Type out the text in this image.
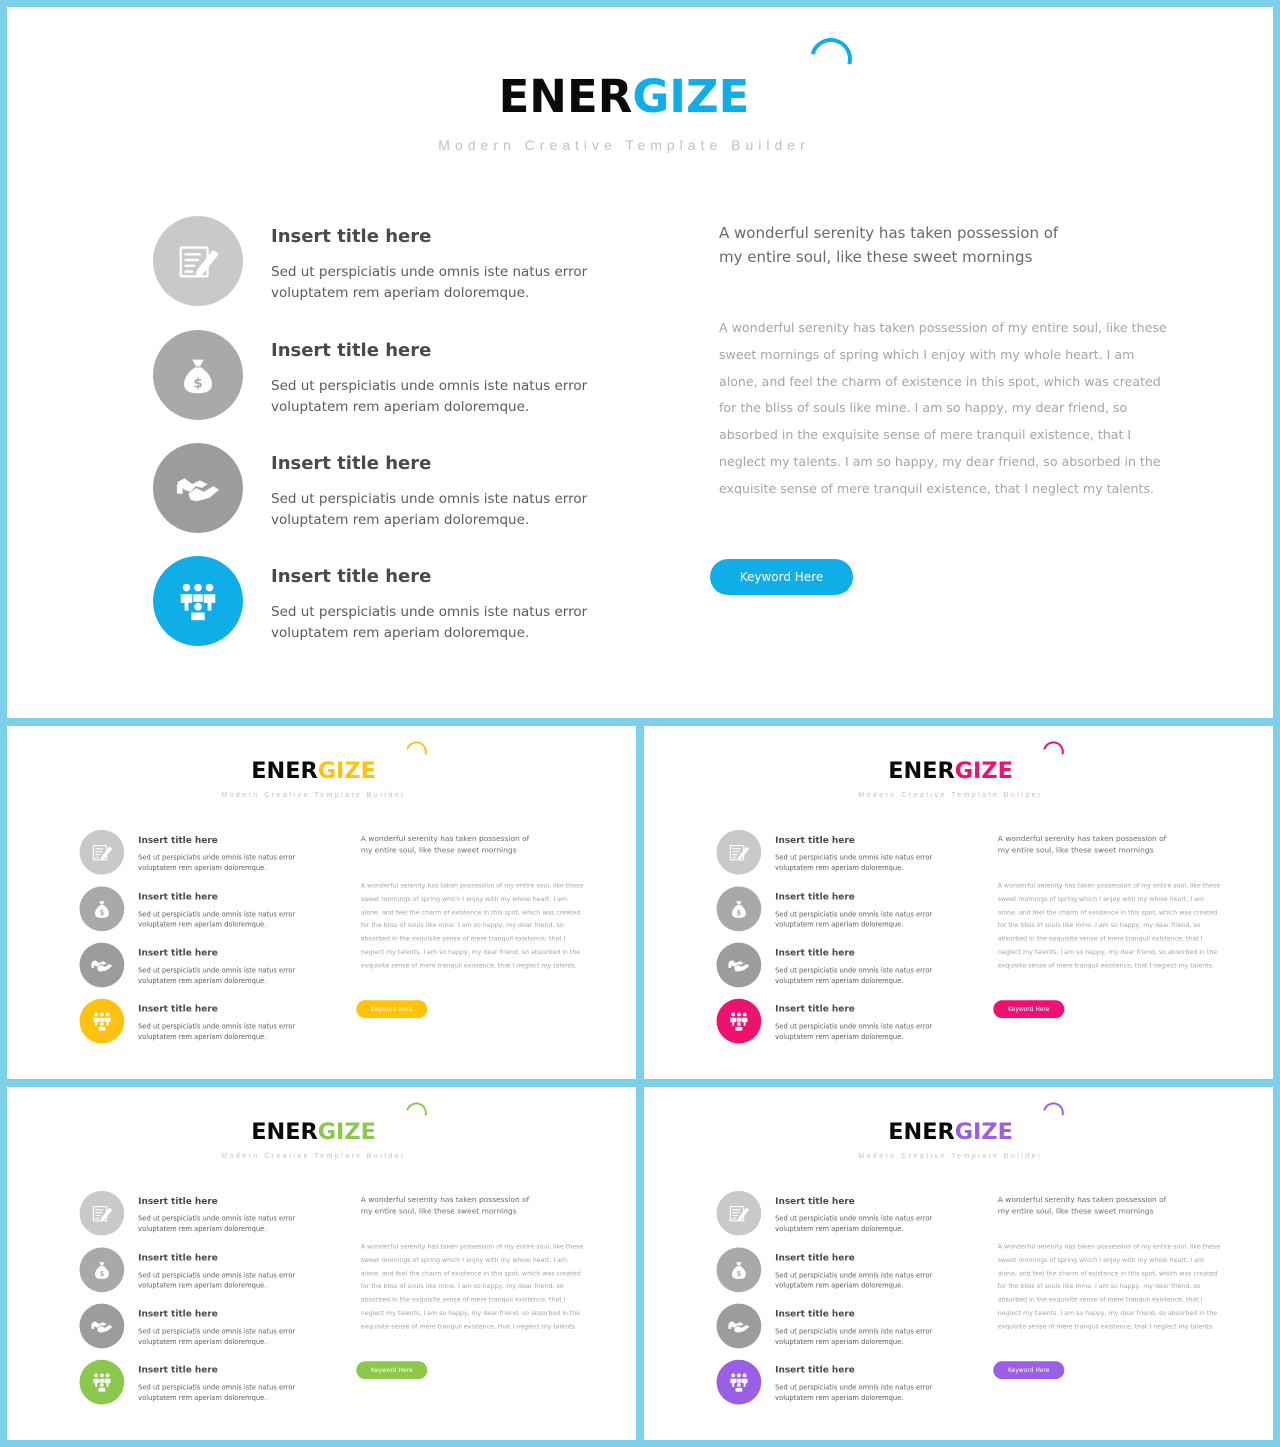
ENERGIZE
Modern Creative Template Builder
Insert title here
Sed ut perspiciatis unde omnis iste natus error voluptatem rem aperiam doloremque.
$
Insert title here
Sed ut perspiciatis unde omnis iste natus error voluptatem rem aperiam doloremque.
Insert title here
Sed ut perspiciatis unde omnis iste natus error voluptatem rem aperiam doloremque.
Insert title here
Sed ut perspiciatis unde omnis iste natus error voluptatem rem aperiam doloremque.
A wonderful serenity has taken possession of my entire soul, like these sweet mornings
A wonderful serenity has taken possession of my entire soul, like these sweet mornings of spring which I enjoy with my whole heart. I am alone, and feel the charm of existence in this spot, which was created for the bliss of souls like mine. I am so happy, my dear friend, so absorbed in the exquisite sense of mere tranquil existence, that I neglect my talents. I am so happy, my dear friend, so absorbed in the exquisite sense of mere tranquil existence, that I neglect my talents.
Keyword Here
ENERGIZE
Modern Creative Template Builder
Insert title here
Sed ut perspiciatis unde omnis iste natus error voluptatem rem aperiam doloremque.
$
Insert title here
Sed ut perspiciatis unde omnis iste natus error voluptatem rem aperiam doloremque.
Insert title here
Sed ut perspiciatis unde omnis iste natus error voluptatem rem aperiam doloremque.
Insert title here
Sed ut perspiciatis unde omnis iste natus error voluptatem rem aperiam doloremque.
A wonderful serenity has taken possession of my entire soul, like these sweet mornings
A wonderful serenity has taken possession of my entire soul, like these sweet mornings of spring which I enjoy with my whole heart. I am alone, and feel the charm of existence in this spot, which was created for the bliss of souls like mine. I am so happy, my dear friend, so absorbed in the exquisite sense of mere tranquil existence, that I neglect my talents. I am so happy, my dear friend, so absorbed in the exquisite sense of mere tranquil existence, that I neglect my talents.
Keyword Here
ENERGIZE
Modern Creative Template Builder
Insert title here
Sed ut perspiciatis unde omnis iste natus error voluptatem rem aperiam doloremque.
$
Insert title here
Sed ut perspiciatis unde omnis iste natus error voluptatem rem aperiam doloremque.
Insert title here
Sed ut perspiciatis unde omnis iste natus error voluptatem rem aperiam doloremque.
Insert title here
Sed ut perspiciatis unde omnis iste natus error voluptatem rem aperiam doloremque.
A wonderful serenity has taken possession of my entire soul, like these sweet mornings
A wonderful serenity has taken possession of my entire soul, like these sweet mornings of spring which I enjoy with my whole heart. I am alone, and feel the charm of existence in this spot, which was created for the bliss of souls like mine. I am so happy, my dear friend, so absorbed in the exquisite sense of mere tranquil existence, that I neglect my talents. I am so happy, my dear friend, so absorbed in the exquisite sense of mere tranquil existence, that I neglect my talents.
Keyword Here
ENERGIZE
Modern Creative Template Builder
Insert title here
Sed ut perspiciatis unde omnis iste natus error voluptatem rem aperiam doloremque.
$
Insert title here
Sed ut perspiciatis unde omnis iste natus error voluptatem rem aperiam doloremque.
Insert title here
Sed ut perspiciatis unde omnis iste natus error voluptatem rem aperiam doloremque.
Insert title here
Sed ut perspiciatis unde omnis iste natus error voluptatem rem aperiam doloremque.
A wonderful serenity has taken possession of my entire soul, like these sweet mornings
A wonderful serenity has taken possession of my entire soul, like these sweet mornings of spring which I enjoy with my whole heart. I am alone, and feel the charm of existence in this spot, which was created for the bliss of souls like mine. I am so happy, my dear friend, so absorbed in the exquisite sense of mere tranquil existence, that I neglect my talents. I am so happy, my dear friend, so absorbed in the exquisite sense of mere tranquil existence, that I neglect my talents.
Keyword Here
ENERGIZE
Modern Creative Template Builder
Insert title here
Sed ut perspiciatis unde omnis iste natus error voluptatem rem aperiam doloremque.
$
Insert title here
Sed ut perspiciatis unde omnis iste natus error voluptatem rem aperiam doloremque.
Insert title here
Sed ut perspiciatis unde omnis iste natus error voluptatem rem aperiam doloremque.
Insert title here
Sed ut perspiciatis unde omnis iste natus error voluptatem rem aperiam doloremque.
A wonderful serenity has taken possession of my entire soul, like these sweet mornings
A wonderful serenity has taken possession of my entire soul, like these sweet mornings of spring which I enjoy with my whole heart. I am alone, and feel the charm of existence in this spot, which was created for the bliss of souls like mine. I am so happy, my dear friend, so absorbed in the exquisite sense of mere tranquil existence, that I neglect my talents. I am so happy, my dear friend, so absorbed in the exquisite sense of mere tranquil existence, that I neglect my talents.
Keyword Here
